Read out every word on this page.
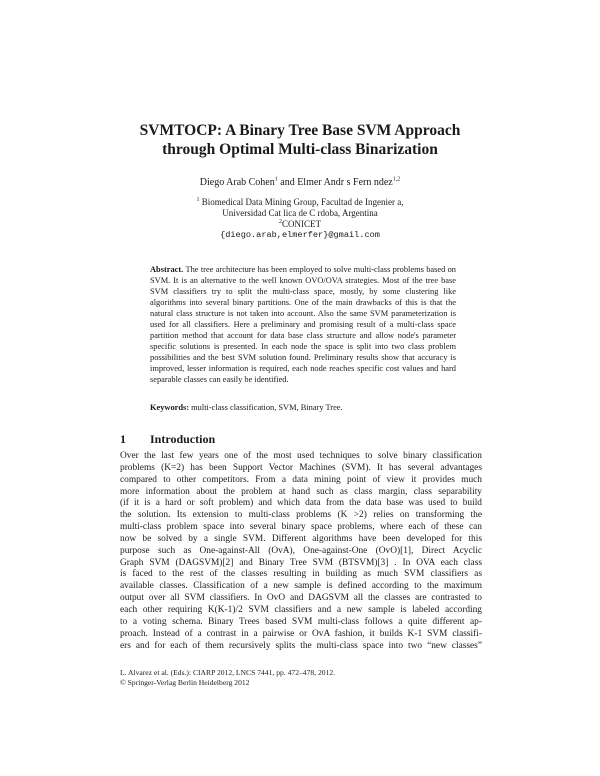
SVMTOCP: A Binary Tree Base SVM Approach
through Optimal Multi-class Binarization
Diego Arab Cohen$^1$ and Elmer Andr s Fern ndez$^{1,2}$
$^1$ Biomedical Data Mining Group, Facultad de Ingenier a,
Universidad Cat lica de C rdoba, Argentina
$^2$CONICET
{diego.arab,elmerfer}@gmail.com
Abstract. The tree architecture has been employed to solve multi-class problems based on SVM. It is an alternative to the well known OVO/OVA strategies. Most of the tree base SVM classifiers try to split the multi-class space, mostly, by some clustering like algorithms into several binary partitions. One of the main drawbacks of this is that the natural class structure is not taken into account. Also the same SVM parameterization is used for all classifiers. Here a preliminary and promising result of a multi-class space partition method that account for data base class structure and allow node's parameter specific solutions is presented. In each node the space is split into two class problem possibilities and the best SVM solution found. Preliminary results show that accuracy is improved, lesser information is required, each node reaches specific cost values and hard separable classes can easily be identified.
Keywords: multi-class classification, SVM, Binary Tree.
1 Introduction
Over the last few years one of the most used techniques to solve binary classification
problems (K=2) has been Support Vector Machines (SVM). It has several advantages
compared to other competitors. From a data mining point of view it provides much
more information about the problem at hand such as class margin, class separability
(if it is a hard or soft problem) and which data from the data base was used to build
the solution. Its extension to multi-class problems (K >2) relies on transforming the
multi-class problem space into several binary space problems, where each of these can
now be solved by a single SVM. Different algorithms have been developed for this
purpose such as One-against-All (OvA), One-against-One (OvO)[1], Direct Acyclic
Graph SVM (DAGSVM)[2] and Binary Tree SVM (BTSVM)[3] . In OVA each class
is faced to the rest of the classes resulting in building as much SVM classifiers as
available classes. Classification of a new sample is defined according to the maximum
output over all SVM classifiers. In OvO and DAGSVM all the classes are contrasted to
each other requiring K(K-1)/2 SVM classifiers and a new sample is labeled according
to a voting schema. Binary Trees based SVM multi-class follows a quite different ap-
proach. Instead of a contrast in a pairwise or OvA fashion, it builds K-1 SVM classifi-
ers and for each of them recursively splits the multi-class space into two “new classes”
L. Alvarez et al. (Eds.): CIARP 2012, LNCS 7441, pp. 472–478, 2012.
© Springer-Verlag Berlin Heidelberg 2012
